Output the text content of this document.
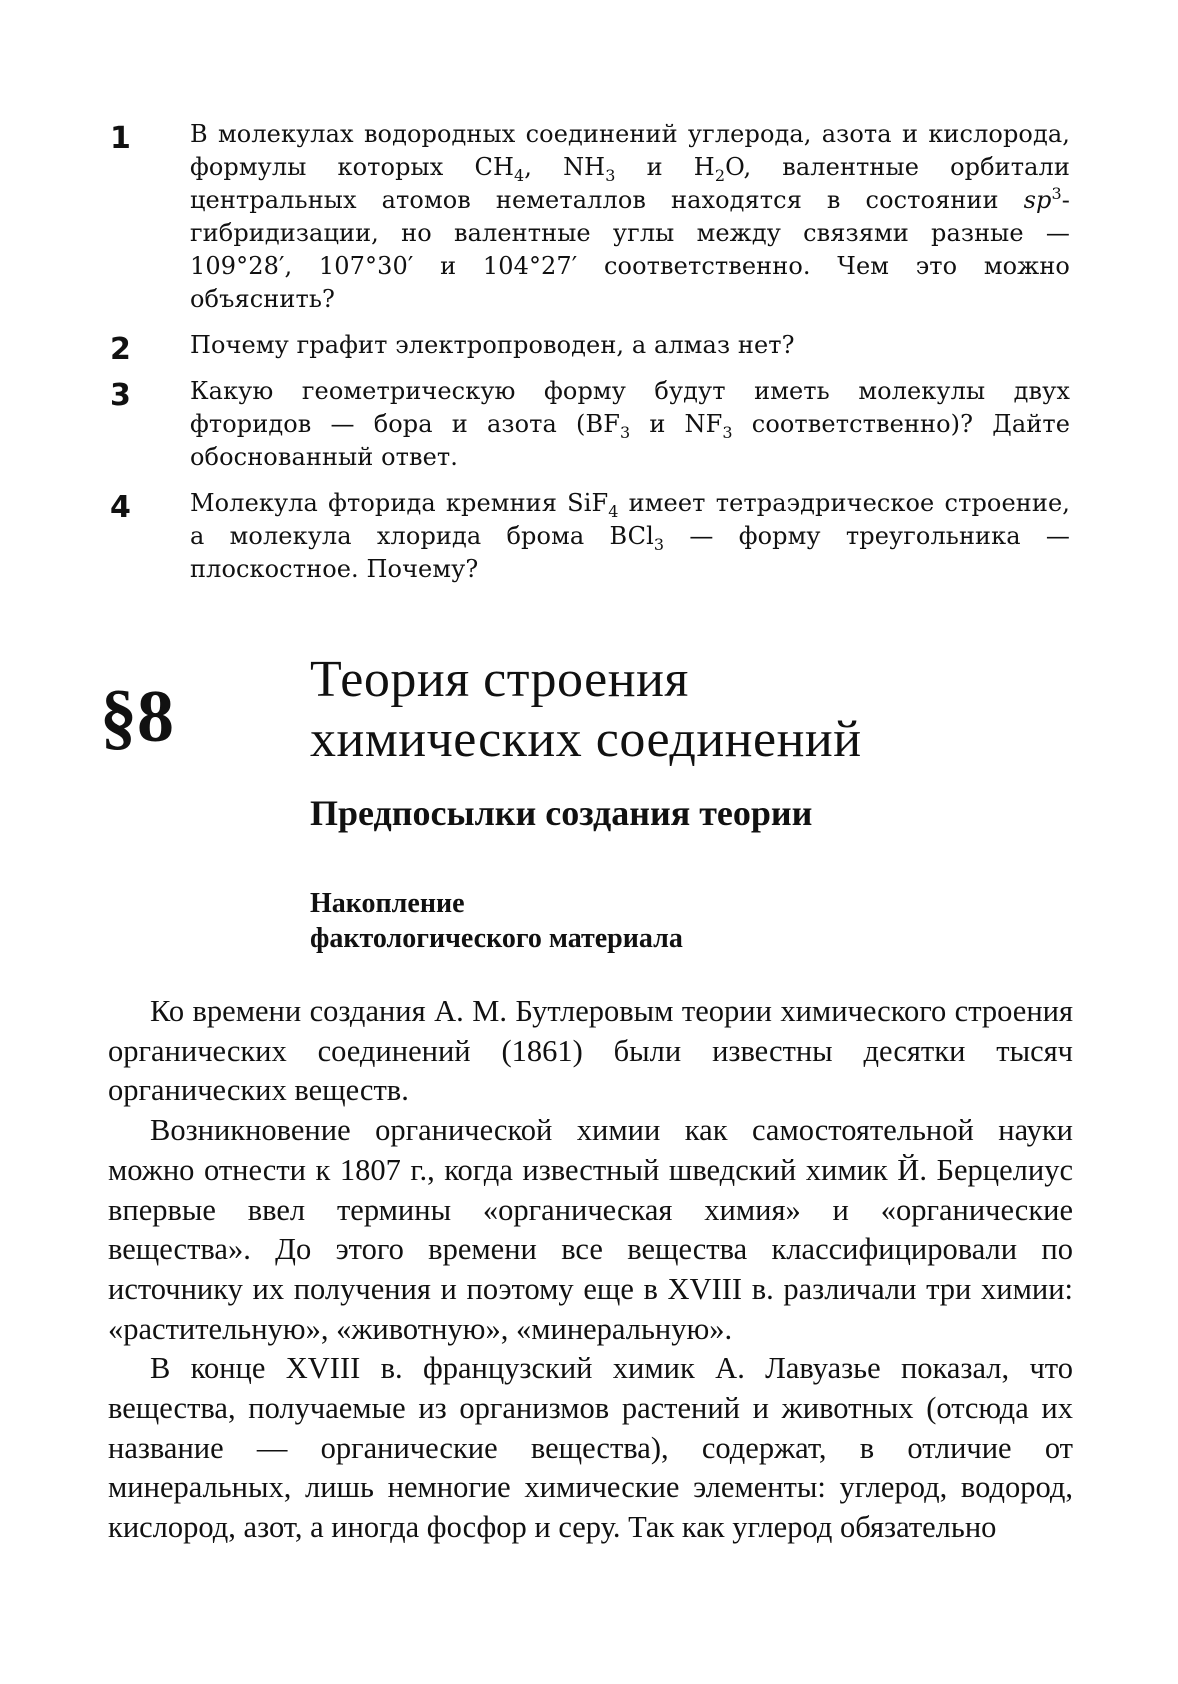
1	В молекулах водородных соединений углерода, азота и кислорода, формулы которых $CH_4$, $NH_3$ и $H_2O$, валентные орбитали центральных атомов неметаллов находятся в состоянии $sp^3$-гибридизации, но валентные углы между связями разные — 109°28′, 107°30′ и 104°27′ соответственно. Чем это можно объяснить?
2	Почему графит электропроводен, а алмаз нет?
3	Какую геометрическую форму будут иметь молекулы двух фторидов — бора и азота ($BF_3$ и $NF_3$ соответственно)? Дайте обоснованный ответ.
4	Молекула фторида кремния SiF$_4$ имеет тетраэдрическое строение, а молекула хлорида брома BCl$_3$ — форму треугольника — плоскостное. Почему?
§8	Теория строения
химических соединений
Предпосылки создания теории
Накопление
фактологического материала

Ко времени создания А. М. Бутлеровым теории химического строения органических соединений (1861) были известны десятки тысяч органических веществ.

Возникновение органической химии как самостоятельной науки можно отнести к 1807 г., когда известный шведский химик Й. Берцелиус впервые ввел термины «органическая химия» и «органические вещества». До этого времени все вещества классифицировали по источнику их получения и поэтому еще в XVIII в. различали три химии: «растительную», «животную», «минеральную».

В конце XVIII в. французский химик А. Лавуазье показал, что вещества, получаемые из организмов растений и животных (отсюда их название — органические вещества), содержат, в отличие от минеральных, лишь немногие химические элементы: углерод, водород, кислород, азот, а иногда фосфор и серу. Так как углерод обязательно
